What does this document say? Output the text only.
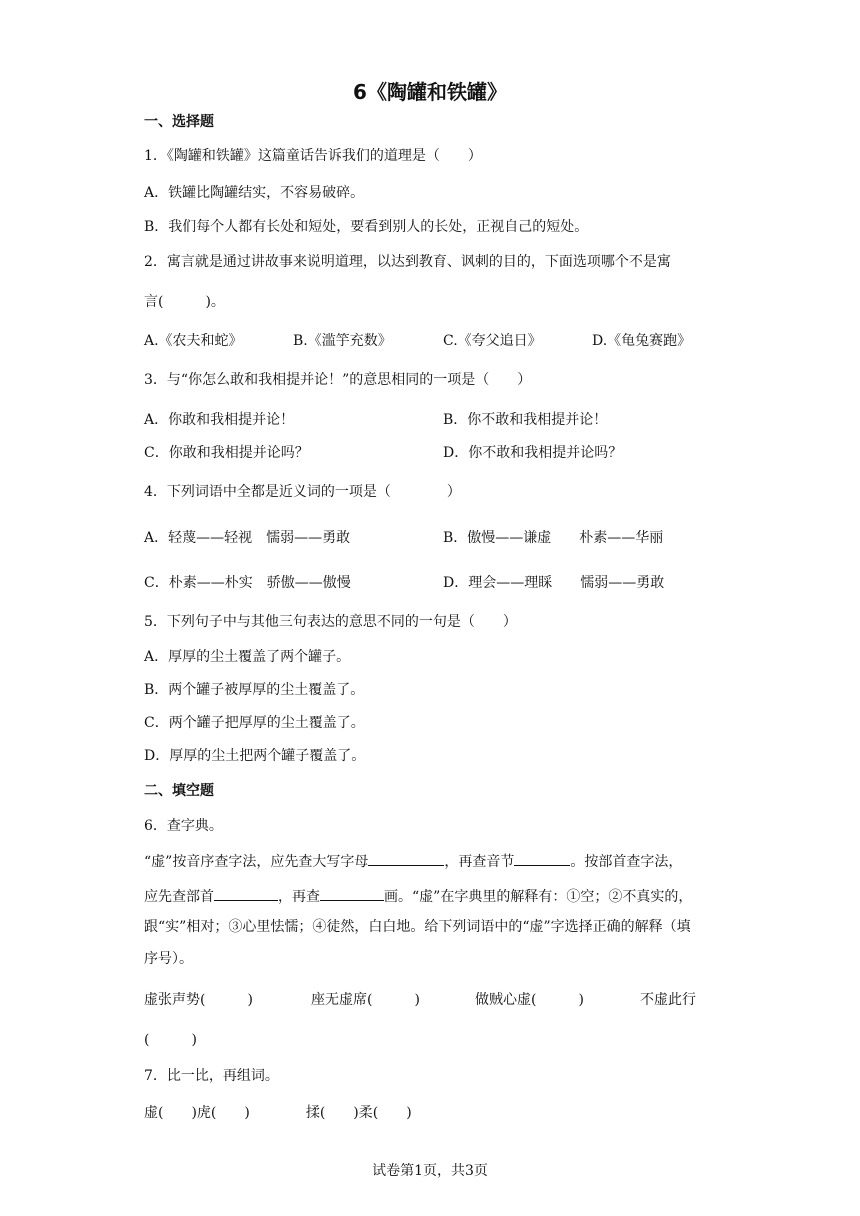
6《陶罐和铁罐》
一、选择题
1．《陶罐和铁罐》这篇童话告诉我们的道理是（　　）
A．铁罐比陶罐结实，不容易破碎。
B．我们每个人都有长处和短处，要看到别人的长处，正视自己的短处。
2．寓言就是通过讲故事来说明道理，以达到教育、讽刺的目的，下面选项哪个不是寓
言(　　　)。
A.《农夫和蛇》	B.《滥竽充数》	C.《夸父追日》	D.《龟兔赛跑》
3．与“你怎么敢和我相提并论！”的意思相同的一项是（　　）
A．你敢和我相提并论！	B．你不敢和我相提并论！
C．你敢和我相提并论吗？	D．你不敢和我相提并论吗？
4．下列词语中全都是近义词的一项是（　　　　）
A．轻蔑——轻视　懦弱——勇敢	B．傲慢——谦虚　　朴素——华丽
C．朴素——朴实　骄傲——傲慢	D．理会——理睬　　懦弱——勇敢
5．下列句子中与其他三句表达的意思不同的一句是（　　）
A．厚厚的尘土覆盖了两个罐子。
B．两个罐子被厚厚的尘土覆盖了。
C．两个罐子把厚厚的尘土覆盖了。
D．厚厚的尘土把两个罐子覆盖了。
二、填空题
6．查字典。
“虚”按音序查字法，应先查大写字母	，再查音节	。按部首查字法，
应先查部首	，再查	画。“虚”在字典里的解释有：①空；②不真实的，
跟“实”相对；③心里怯懦；④徒然，白白地。给下列词语中的“虚”字选择正确的解释（填
序号）。
虚张声势(　　　)	座无虚席(　　　)	做贼心虚(　　　)	不虚此行
(　　　)
7．比一比，再组词。
虚(　　)虎(　　)　　　　揉(　　)柔(　　)
试卷第1页，共3页
